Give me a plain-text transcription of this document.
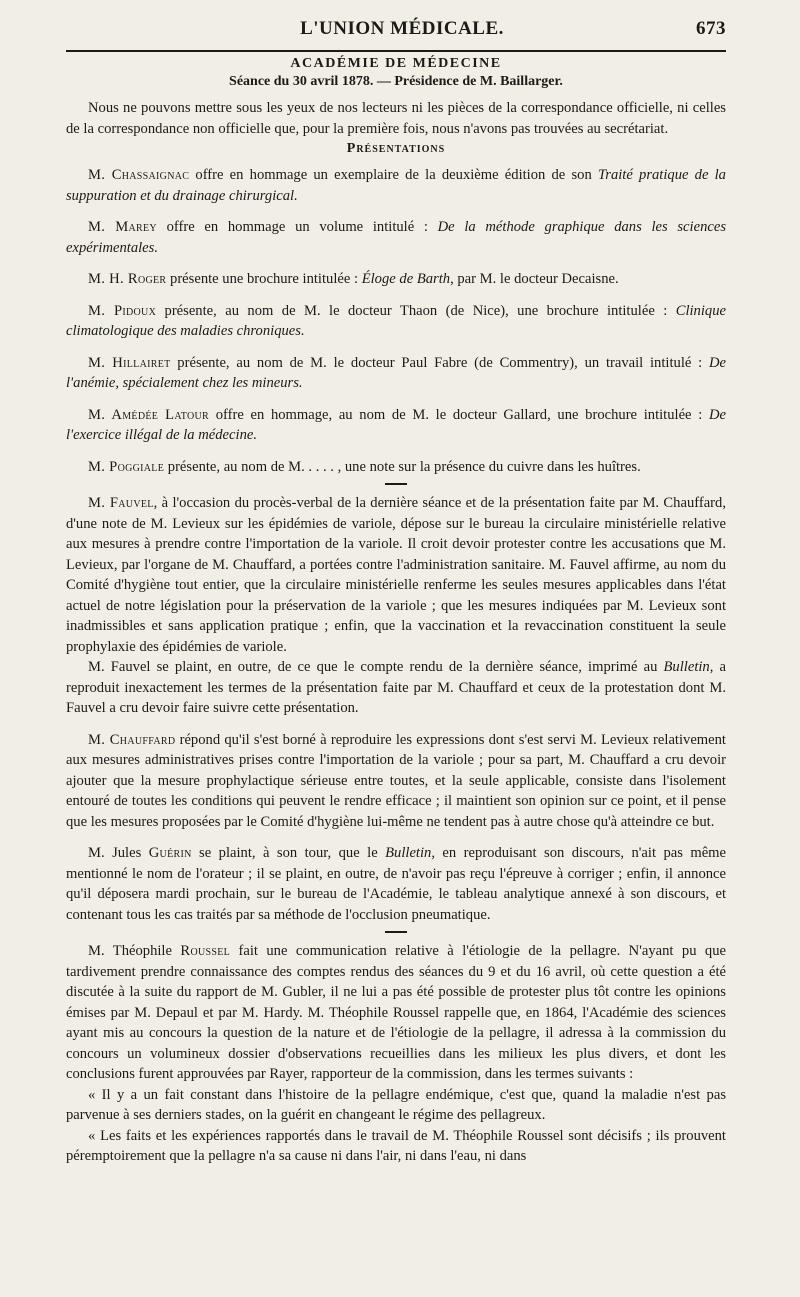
L'UNION MÉDICALE.	673
ACADÉMIE DE MÉDECINE
Séance du 30 avril 1878. — Présidence de M. Baillarger.

Nous ne pouvons mettre sous les yeux de nos lecteurs ni les pièces de la correspondance officielle, ni celles de la correspondance non officielle que, pour la première fois, nous n'avons pas trouvées au secrétariat.

Présentations

M. Chassaignac offre en hommage un exemplaire de la deuxième édition de son Traité pratique de la suppuration et du drainage chirurgical.

M. Marey offre en hommage un volume intitulé : De la méthode graphique dans les sciences expérimentales.

M. H. Roger présente une brochure intitulée : Éloge de Barth, par M. le docteur Decaisne.

M. Pidoux présente, au nom de M. le docteur Thaon (de Nice), une brochure intitulée : Clinique climatologique des maladies chroniques.

M. Hillairet présente, au nom de M. le docteur Paul Fabre (de Commentry), un travail intitulé : De l'anémie, spécialement chez les mineurs.

M. Amédée Latour offre en hommage, au nom de M. le docteur Gallard, une brochure intitulée : De l'exercice illégal de la médecine.

M. Poggiale présente, au nom de M. . . . . , une note sur la présence du cuivre dans les huîtres.

M. Fauvel, à l'occasion du procès-verbal de la dernière séance et de la présentation faite par M. Chauffard, d'une note de M. Levieux sur les épidémies de variole, dépose sur le bureau la circulaire ministérielle relative aux mesures à prendre contre l'importation de la variole. Il croit devoir protester contre les accusations que M. Levieux, par l'organe de M. Chauffard, a portées contre l'administration sanitaire. M. Fauvel affirme, au nom du Comité d'hygiène tout entier, que la circulaire ministérielle renferme les seules mesures applicables dans l'état actuel de notre législation pour la préservation de la variole ; que les mesures indiquées par M. Levieux sont inadmissibles et sans application pratique ; enfin, que la vaccination et la revaccination constituent la seule prophylaxie des épidémies de variole.

M. Fauvel se plaint, en outre, de ce que le compte rendu de la dernière séance, imprimé au Bulletin, a reproduit inexactement les termes de la présentation faite par M. Chauffard et ceux de la protestation dont M. Fauvel a cru devoir faire suivre cette présentation.

M. Chauffard répond qu'il s'est borné à reproduire les expressions dont s'est servi M. Levieux relativement aux mesures administratives prises contre l'importation de la variole ; pour sa part, M. Chauffard a cru devoir ajouter que la mesure prophylactique sérieuse entre toutes, et la seule applicable, consiste dans l'isolement entouré de toutes les conditions qui peuvent le rendre efficace ; il maintient son opinion sur ce point, et il pense que les mesures proposées par le Comité d'hygiène lui-même ne tendent pas à autre chose qu'à atteindre ce but.

M. Jules Guérin se plaint, à son tour, que le Bulletin, en reproduisant son discours, n'ait pas même mentionné le nom de l'orateur ; il se plaint, en outre, de n'avoir pas reçu l'épreuve à corriger ; enfin, il annonce qu'il déposera mardi prochain, sur le bureau de l'Académie, le tableau analytique annexé à son discours, et contenant tous les cas traités par sa méthode de l'occlusion pneumatique.

M. Théophile Roussel fait une communication relative à l'étiologie de la pellagre. N'ayant pu que tardivement prendre connaissance des comptes rendus des séances du 9 et du 16 avril, où cette question a été discutée à la suite du rapport de M. Gubler, il ne lui a pas été possible de protester plus tôt contre les opinions émises par M. Depaul et par M. Hardy. M. Théophile Roussel rappelle que, en 1864, l'Académie des sciences ayant mis au concours la question de la nature et de l'étiologie de la pellagre, il adressa à la commission du concours un volumineux dossier d'observations recueillies dans les milieux les plus divers, et dont les conclusions furent approuvées par Rayer, rapporteur de la commission, dans les termes suivants :

« Il y a un fait constant dans l'histoire de la pellagre endémique, c'est que, quand la maladie n'est pas parvenue à ses derniers stades, on la guérit en changeant le régime des pellagreux.

« Les faits et les expériences rapportés dans le travail de M. Théophile Roussel sont décisifs ; ils prouvent péremptoirement que la pellagre n'a sa cause ni dans l'air, ni dans l'eau, ni dans
